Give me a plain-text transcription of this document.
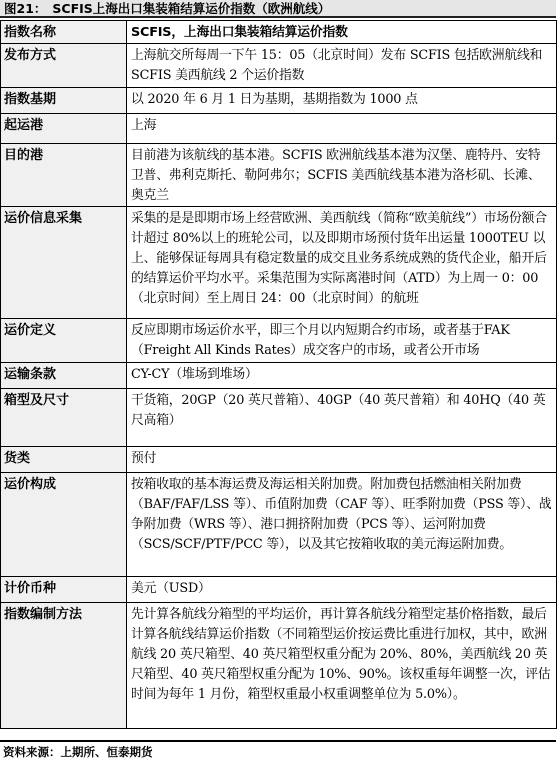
图21： SCFIS上海出口集装箱结算运价指数（欧洲航线）
指数名称	SCFIS，上海出口集装箱结算运价指数
发布方式	上海航交所每周一下午 15：05（北京时间）发布 SCFIS 包括欧洲航线和 SCFIS 美西航线 2 个运价指数
指数基期	以 2020 年 6 月 1 日为基期，基期指数为 1000 点
起运港	上海
目的港	目前港为该航线的基本港。SCFIS 欧洲航线基本港为汉堡、鹿特丹、安特卫普、弗利克斯托、勒阿弗尔；SCFIS 美西航线基本港为洛杉矶、长滩、奥克兰
运价信息采集	采集的是是即期市场上经营欧洲、美西航线（简称“欧美航线”）市场份额合计超过 80%以上的班轮公司，以及即期市场预付货年出运量 1000TEU 以上、能够保证每周具有稳定数量的成交且业务系统成熟的货代企业，船开后的结算运价平均水平。采集范围为实际离港时间（ATD）为上周一 0：00（北京时间）至上周日 24：00（北京时间）的航班
运价定义	反应即期市场运价水平，即三个月以内短期合约市场，或者基于FAK（Freight All Kinds Rates）成交客户的市场，或者公开市场
运输条款	CY-CY（堆场到堆场）
箱型及尺寸	干货箱，20GP（20 英尺普箱）、40GP（40 英尺普箱）和 40HQ（40 英尺高箱）
货类	预付
运价构成	按箱收取的基本海运费及海运相关附加费。附加费包括燃油相关附加费（BAF/FAF/LSS 等）、币值附加费（CAF 等）、旺季附加费（PSS 等）、战争附加费（WRS 等）、港口拥挤附加费（PCS 等）、运河附加费（SCS/SCF/PTF/PCC 等），以及其它按箱收取的美元海运附加费。
计价币种	美元（USD）
指数编制方法	先计算各航线分箱型的平均运价，再计算各航线分箱型定基价格指数，最后计算各航线结算运价指数（不同箱型运价按运费比重进行加权，其中，欧洲航线 20 英尺箱型、40 英尺箱型权重分配为 20%、80%，美西航线 20 英尺箱型、40 英尺箱型权重分配为 10%、90%。该权重每年调整一次，评估时间为每年 1 月份，箱型权重最小权重调整单位为 5.0%）。
资料来源：上期所、恒泰期货
